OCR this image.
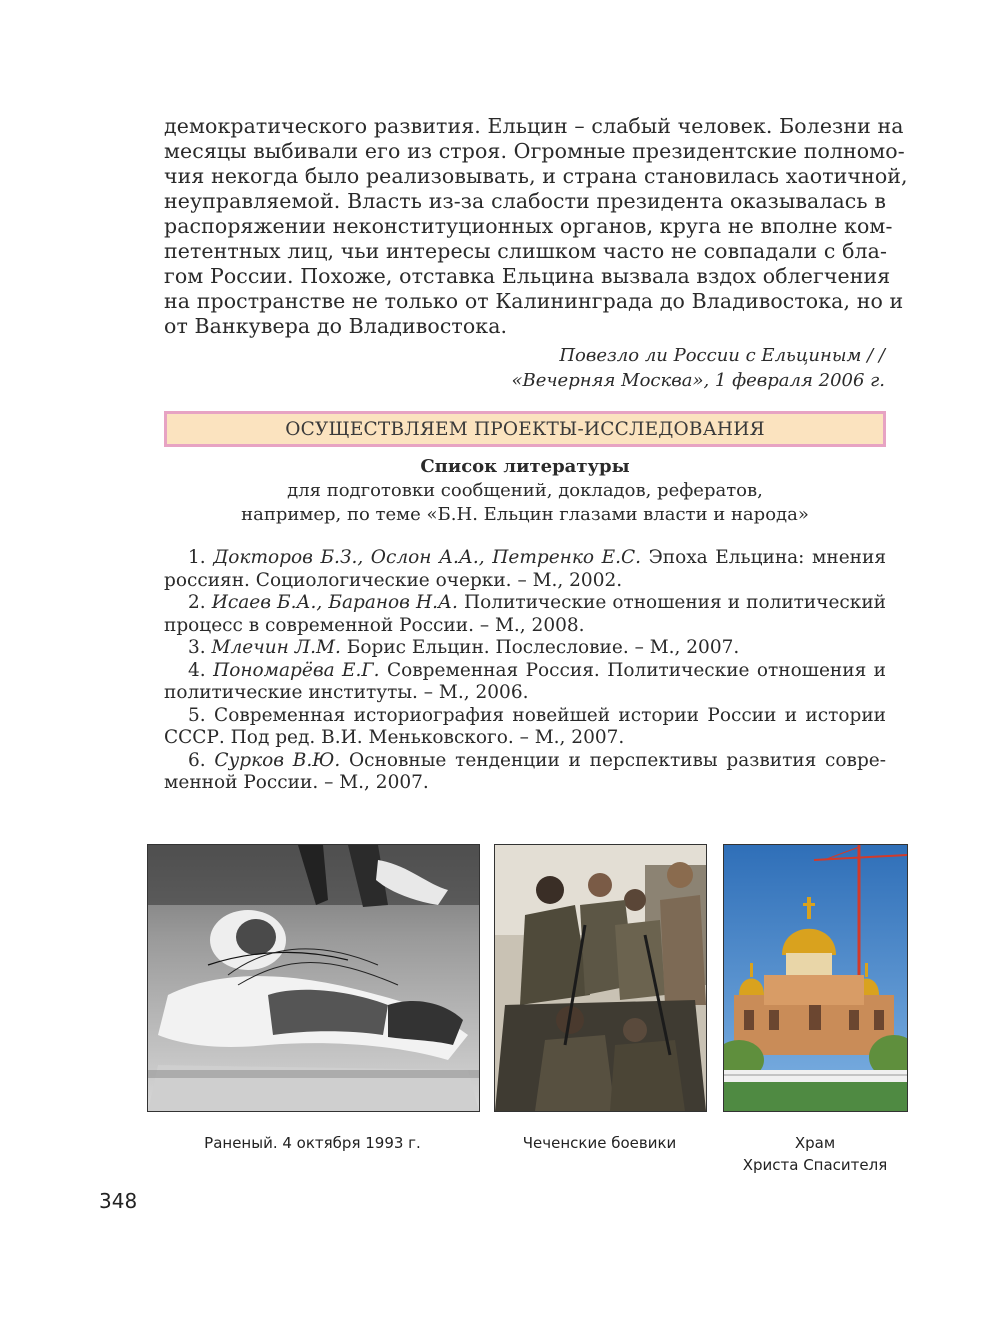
демократического развития. Ельцин – слабый человек. Болезни на
месяцы выбивали его из строя. Огромные президентские полномо-
чия некогда было реализовывать, и страна становилась хаотичной,
неуправляемой. Власть из-за слабости президента оказывалась в
распоряжении неконституционных органов, круга не вполне ком-
петентных лиц, чьи интересы слишком часто не совпадали с бла-
гом России. Похоже, отставка Ельцина вызвала вздох облегчения
на пространстве не только от Калининграда до Владивостока, но и
от Ванкувера до Владивостока.
Повезло ли России с Ельциным / /
«Вечерняя Москва», 1 февраля 2006 г.
ОСУЩЕСТВЛЯЕМ ПРОЕКТЫ-ИССЛЕДОВАНИЯ
Список литературы
для подготовки сообщений, докладов, рефератов,
например, по теме «Б.Н. Ельцин глазами власти и народа»
1. Докторов Б.З., Ослон А.А., Петренко Е.С. Эпоха Ельцина: мнения
россиян. Социологические очерки. – М., 2002.
2. Исаев Б.А., Баранов Н.А. Политические отношения и политический
процесс в современной России. – М., 2008.
3. Млечин Л.М. Борис Ельцин. Послесловие. – М., 2007.
4. Пономарёва Е.Г. Современная Россия. Политические отношения и
политические институты. – М., 2006.
5. Современная историография новейшей истории России и истории
СССР. Под ред. В.И. Меньковского. – М., 2007.
6. Сурков В.Ю. Основные тенденции и перспективы развития совре-
менной России. – М., 2007.
Раненый. 4 октября 1993 г.	Чеченские боевики	Храм
Христа Спасителя
348
